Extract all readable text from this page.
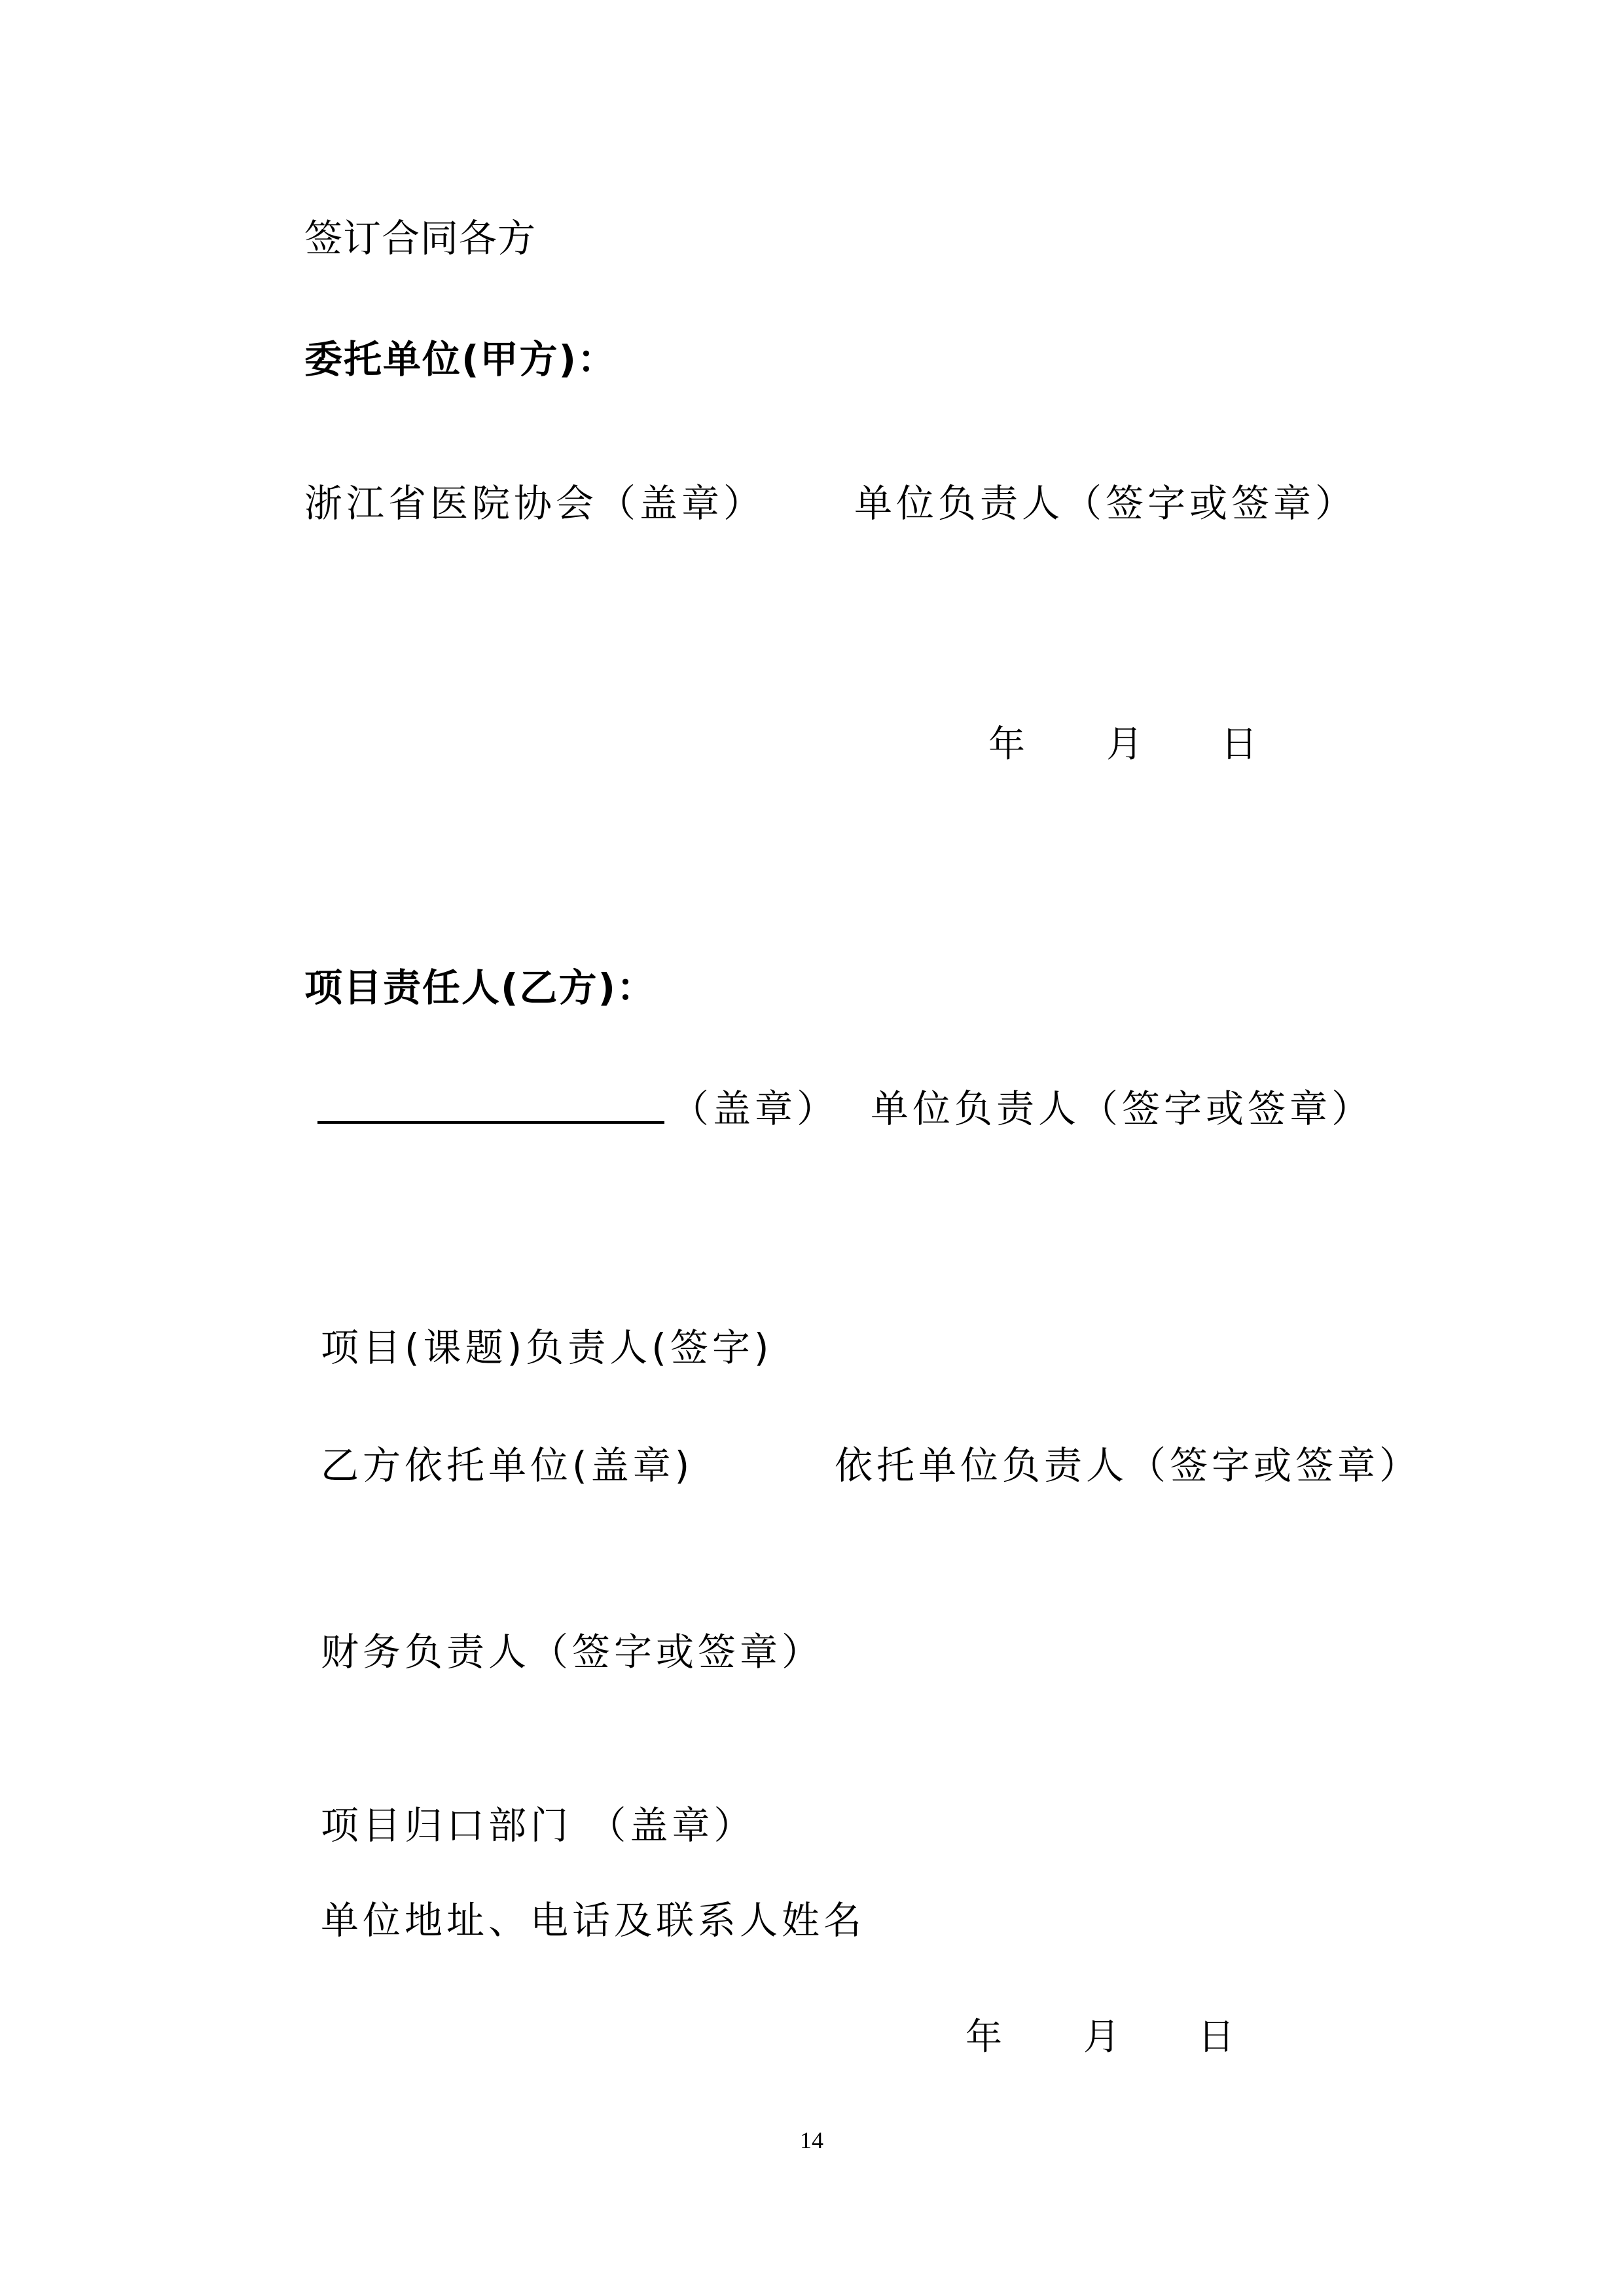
签订合同各方
委托单位(甲方)：
浙江省医院协会（盖章） 单位负责人（签字或签章）
年 月 日
项目责任人(乙方)：
（盖章） 单位负责人（签字或签章）
项目(课题)负责人(签字)
乙方依托单位(盖章)	依托单位负责人（签字或签章）
财务负责人（签字或签章）
项目归口部门 （盖章）
单位地址、电话及联系人姓名
年 月 日
14
